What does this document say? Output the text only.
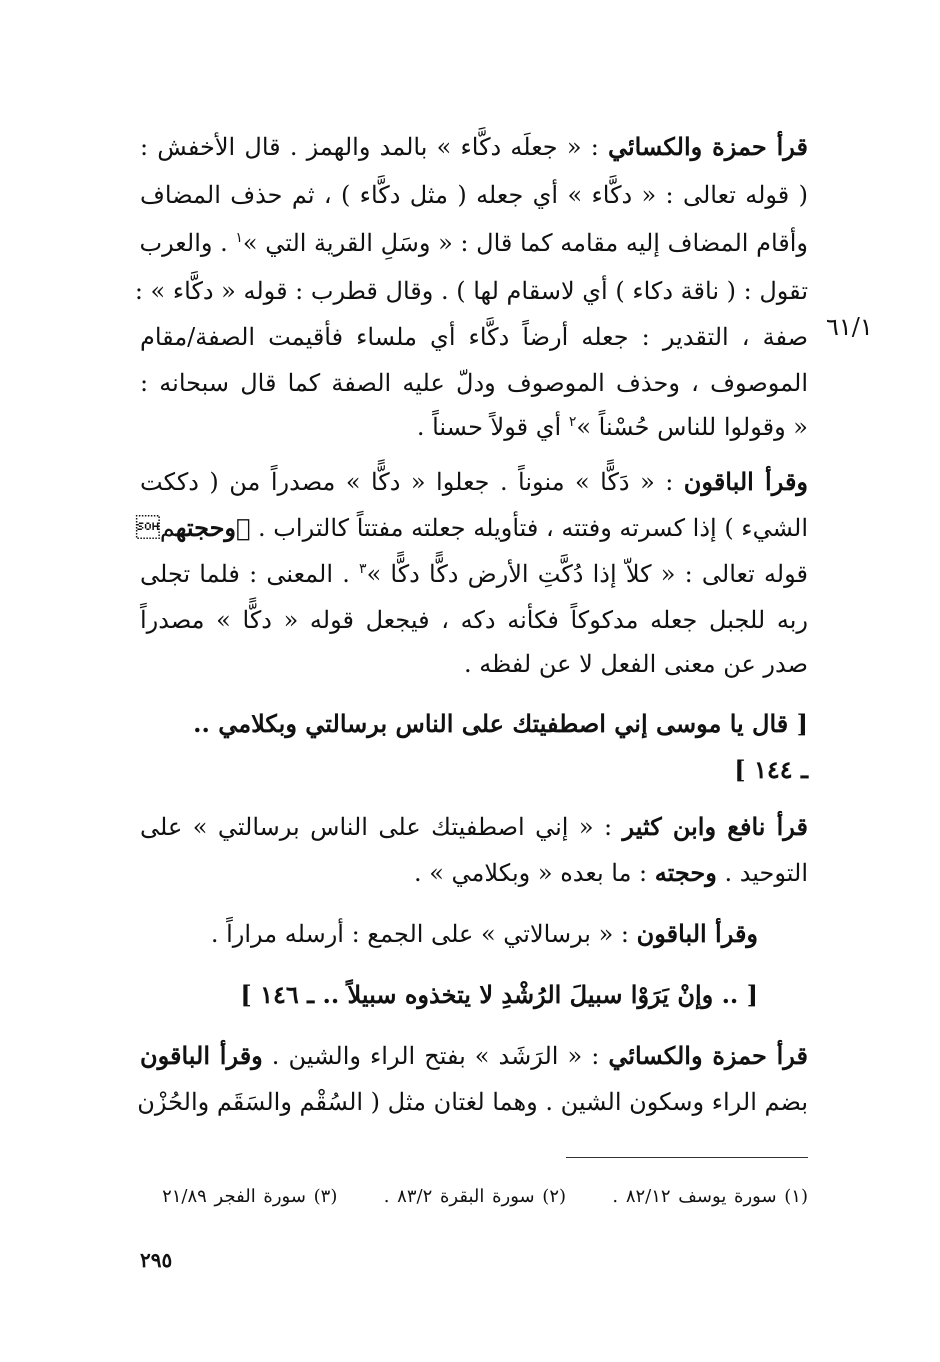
٦١/١
قرأ حمزة والكسائي : « جعلَه دكَّاء » بالمد والهمز . قال الأخفش :
( قوله تعالى : « دكَّاء » أي جعله ( مثل دكَّاء ) ، ثم حذف المضاف
وأقام المضاف إليه مقامه كما قال : « وسَلِ القرية التي »$^١$ . والعرب
تقول : ( ناقة دكاء ) أي لاسقام لها ) . وقال قطرب : قوله « دكَّاء » :
صفة ، التقدير : جعله أرضاً دكَّاء أي ملساء فأقيمت الصفة/مقام
الموصوف ، وحذف الموصوف ودلّ عليه الصفة كما قال سبحانه :
« وقولوا للناس حُسْناً »$^٢$ أي قولاً حسناً .
وقرأ الباقون : « دَكًّا » منوناً . جعلوا « دكًّا » مصدراً من ( دككت
الشيء ) إذا كسرته وفتته ، فتأويله جعلته مفتتاً كالتراب .  وحجتهم
قوله تعالى : « كلاّ إذا دُكَّتِ الأرض دكًّا دكًّا »$^٣$ . المعنى : فلما تجلى
ربه للجبل جعله مدكوكاً فكأنه دكه ، فيجعل قوله « دكًّا » مصدراً
صدر عن معنى الفعل لا عن لفظه .
[ قال يا موسى إني اصطفيتك على الناس برسالتي وبكلامي ..
ـ ١٤٤ ]
قرأ نافع وابن كثير : « إني اصطفيتك على الناس برسالتي » على
التوحيد . وحجته : ما بعده « وبكلامي » .
وقرأ الباقون : « برسالاتي » على الجمع : أرسله مراراً .
[ .. وإنْ يَرَوْا سبيلَ الرُشْدِ لا يتخذوه سبيلاً .. ـ ١٤٦ ]
قرأ حمزة والكسائي : « الرَشَد » بفتح الراء والشين . وقرأ الباقون
بضم الراء وسكون الشين . وهما لغتان مثل ( السُقْم والسَقَم والحُزْن
(١) سورة يوسف ٨٢/١٢ .      (٢) سورة البقرة ٨٣/٢ .      (٣) سورة الفجر ٢١/٨٩
٢٩٥
